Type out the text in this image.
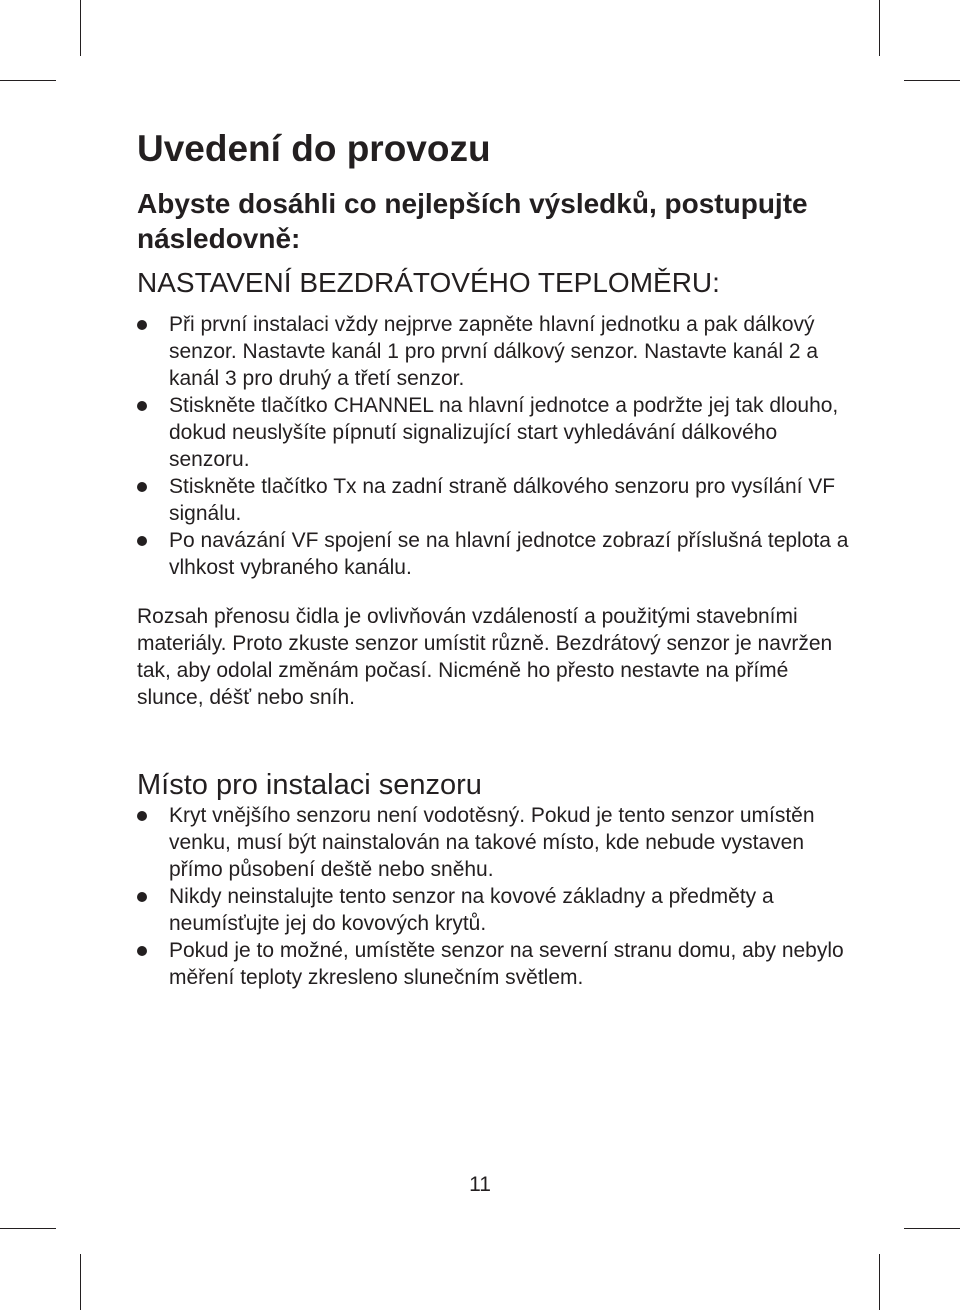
Uvedení do provozu
Abyste dosáhli co nejlepších výsledků, postupujte následovně:
NASTAVENÍ BEZDRÁTOVÉHO TEPLOMĚRU:
Při první instalaci vždy nejprve zapněte hlavní jednotku a pak dálkový senzor. Nastavte kanál 1 pro první dálkový senzor. Nastavte kanál 2 a kanál 3 pro druhý a třetí senzor.
Stiskněte tlačítko CHANNEL na hlavní jednotce a podržte jej tak dlouho, dokud neuslyšíte pípnutí signalizující start vyhledávání dálkového senzoru.
Stiskněte tlačítko Tx na zadní straně dálkového senzoru pro vysílání VF signálu.
Po navázání VF spojení se na hlavní jednotce zobrazí příslušná teplota a vlhkost vybraného kanálu.

Rozsah přenosu čidla je ovlivňován vzdáleností a použitými stavebními materiály. Proto zkuste senzor umístit různě. Bezdrátový senzor je navržen tak, aby odolal změnám počasí. Nicméně ho přesto nestavte na přímé slunce, déšť nebo sníh.

Místo pro instalaci senzoru
Kryt vnějšího senzoru není vodotěsný. Pokud je tento senzor umístěn venku, musí být nainstalován na takové místo, kde nebude vystaven přímo působení deště nebo sněhu.
Nikdy neinstalujte tento senzor na kovové základny a předměty a neumísťujte jej do kovových krytů.
Pokud je to možné, umístěte senzor na severní stranu domu, aby nebylo měření teploty zkresleno slunečním světlem.
11
